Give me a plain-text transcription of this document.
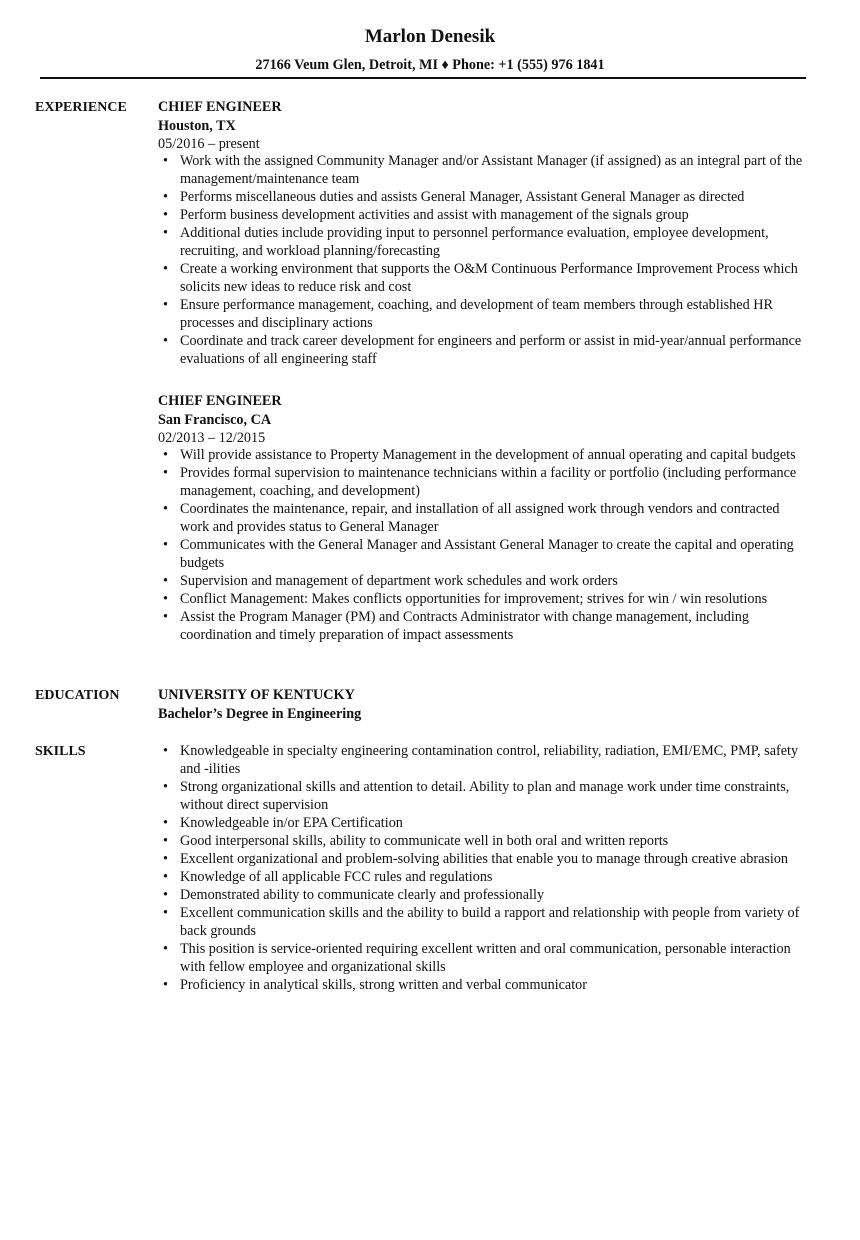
Marlon Denesik
27166 Veum Glen, Detroit, MI ♦ Phone: +1 (555) 976 1841
EXPERIENCE CHIEF ENGINEER
Houston, TX
05/2016 – present
• Work with the assigned Community Manager and/or Assistant Manager (if assigned) as an integral part of the management/maintenance team
• Performs miscellaneous duties and assists General Manager, Assistant General Manager as directed
• Perform business development activities and assist with management of the signals group
• Additional duties include providing input to personnel performance evaluation, employee development, recruiting, and workload planning/forecasting
• Create a working environment that supports the O&M Continuous Performance Improvement Process which solicits new ideas to reduce risk and cost
• Ensure performance management, coaching, and development of team members through established HR processes and disciplinary actions
• Coordinate and track career development for engineers and perform or assist in mid-year/annual performance evaluations of all engineering staff
CHIEF ENGINEER
San Francisco, CA
02/2013 – 12/2015
• Will provide assistance to Property Management in the development of annual operating and capital budgets
• Provides formal supervision to maintenance technicians within a facility or portfolio (including performance management, coaching, and development)
• Coordinates the maintenance, repair, and installation of all assigned work through vendors and contracted work and provides status to General Manager
• Communicates with the General Manager and Assistant General Manager to create the capital and operating budgets
• Supervision and management of department work schedules and work orders
• Conflict Management: Makes conflicts opportunities for improvement; strives for win / win resolutions
• Assist the Program Manager (PM) and Contracts Administrator with change management, including coordination and timely preparation of impact assessments
EDUCATION	UNIVERSITY OF KENTUCKY
Bachelor’s Degree in Engineering
SKILLS
•	Knowledgeable in specialty engineering contamination control, reliability, radiation, EMI/EMC, PMP, safety and -ilities
• Strong organizational skills and attention to detail. Ability to plan and manage work under time constraints, without direct supervision
• Knowledgeable in/or EPA Certification
• Good interpersonal skills, ability to communicate well in both oral and written reports
• Excellent organizational and problem-solving abilities that enable you to manage through creative abrasion
• Knowledge of all applicable FCC rules and regulations
• Demonstrated ability to communicate clearly and professionally
• Excellent communication skills and the ability to build a rapport and relationship with people from variety of back grounds
• This position is service-oriented requiring excellent written and oral communication, personable interaction with fellow employee and organizational skills
• Proficiency in analytical skills, strong written and verbal communicator
